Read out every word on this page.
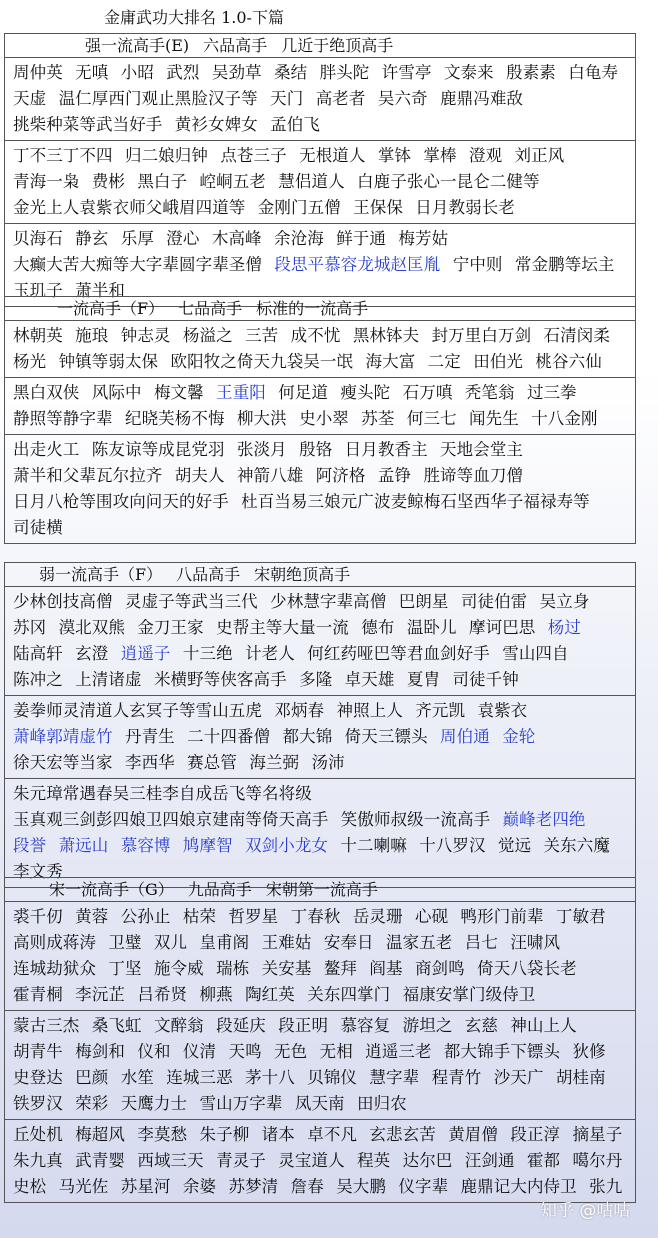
金庸武功大排名 1.0-下篇
强一流高手(E) 六品高手 几近于绝顶高手
周仲英 无嗔 小昭 武烈 吴劲草 桑结 胖头陀 许雪亭 文泰来 殷素素 白龟寿 天虚 温仁厚西门观止黑脸汉子等 天门 高老者 吴六奇 鹿鼎冯难敌 挑柴种菜等武当好手 黄衫女婢女 孟伯飞
丁不三丁不四 归二娘归钟 点苍三子 无根道人 掌钵 掌棒 澄观 刘正风 青海一枭 费彬 黑白子 崆峒五老 慧侣道人 白鹿子张心一昆仑二健等 金光上人袁紫衣师父峨眉四道等 金刚门五僧 王保保 日月教弱长老
贝海石 静玄 乐厚 澄心 木高峰 余沧海 鲜于通 梅芳姑 大癫大苦大痴等大字辈圆字辈圣僧 段思平慕容龙城赵匡胤 宁中则 常金鹏等坛主 玉玑子 萧半和
一流高手（F） 七品高手 标准的一流高手
林朝英 施琅 钟志灵 杨溢之 三苦 成不忧 黑林钵夫 封万里白万剑 石清闵柔 杨光 钟镇等弱太保 欧阳牧之倚天九袋吴一氓 海大富 二定 田伯光 桃谷六仙
黑白双侠 风际中 梅文馨 王重阳 何足道 瘦头陀 石万嗔 秃笔翁 过三拳 静照等静字辈 纪晓芙杨不悔 柳大洪 史小翠 苏荃 何三七 闻先生 十八金刚
出走火工 陈友谅等成昆党羽 张淡月 殷铬 日月教香主 天地会堂主 萧半和父辈瓦尔拉齐 胡夫人 神箭八雄 阿济格 孟铮 胜谛等血刀僧 日月八枪等围攻向问天的好手 杜百当易三娘元广波麦鲸梅石坚西华子福禄寿等 司徒横
弱一流高手（F） 八品高手 宋朝绝顶高手
少林创技高僧 灵虚子等武当三代 少林慧字辈高僧 巴朗星 司徒伯雷 吴立身 苏冈 漠北双熊 金刀王家 史帮主等大量一流 德布 温卧儿 摩诃巴思 杨过 陆高轩 玄澄 逍遥子 十三绝 计老人 何红药哑巴等君血剑好手 雪山四自 陈冲之 上清诸虚 米横野等侠客高手 多隆 卓天雄 夏胄 司徒千钟
姜拳师灵清道人玄冥子等雪山五虎 邓炳春 神照上人 齐元凯 袁紫衣 萧峰郭靖虚竹 丹青生 二十四番僧 都大锦 倚天三镖头 周伯通 金轮 徐天宏等当家 李西华 赛总管 海兰弼 汤沛
朱元璋常遇春吴三桂李自成岳飞等名将级 玉真观三剑彭四娘卫四娘京建南等倚天高手 笑傲师叔级一流高手 巅峰老四绝 段誉 萧远山 慕容博 鸠摩智 双剑小龙女 十二喇嘛 十八罗汉 觉远 关东六魔 李文秀
宋一流高手（G） 九品高手 宋朝第一流高手
裘千仞 黄蓉 公孙止 枯荣 哲罗星 丁春秋 岳灵珊 心砚 鸭形门前辈 丁敏君 高则成蒋涛 卫璧 双儿 皇甫阁 王难姑 安奉日 温家五老 吕七 汪啸风 连城劫狱众 丁坚 施令威 瑞栋 关安基 鳌拜 阎基 商剑鸣 倚天八袋长老 霍青桐 李沅芷 吕希贤 柳燕 陶红英 关东四掌门 福康安掌门级侍卫
蒙古三杰 桑飞虹 文醉翁 段延庆 段正明 慕容复 游坦之 玄慈 神山上人 胡青牛 梅剑和 仪和 仪清 天鸣 无色 无相 逍遥三老 都大锦手下镖头 狄修 史登达 巴颜 水笙 连城三恶 茅十八 贝锦仪 慧字辈 程青竹 沙天广 胡桂南 铁罗汉 荣彩 天鹰力士 雪山万字辈 凤天南 田归农
丘处机 梅超风 李莫愁 朱子柳 诸本 卓不凡 玄悲玄苦 黄眉僧 段正淳 摘星子 朱九真 武青婴 西域三天 青灵子 灵宝道人 程英 达尔巴 汪剑通 霍都 噶尔丹 史松 马光佐 苏星河 余婆 苏梦清 詹春 吴大鹏 仪字辈 鹿鼎记大内侍卫 张九
知乎 @咕咕
